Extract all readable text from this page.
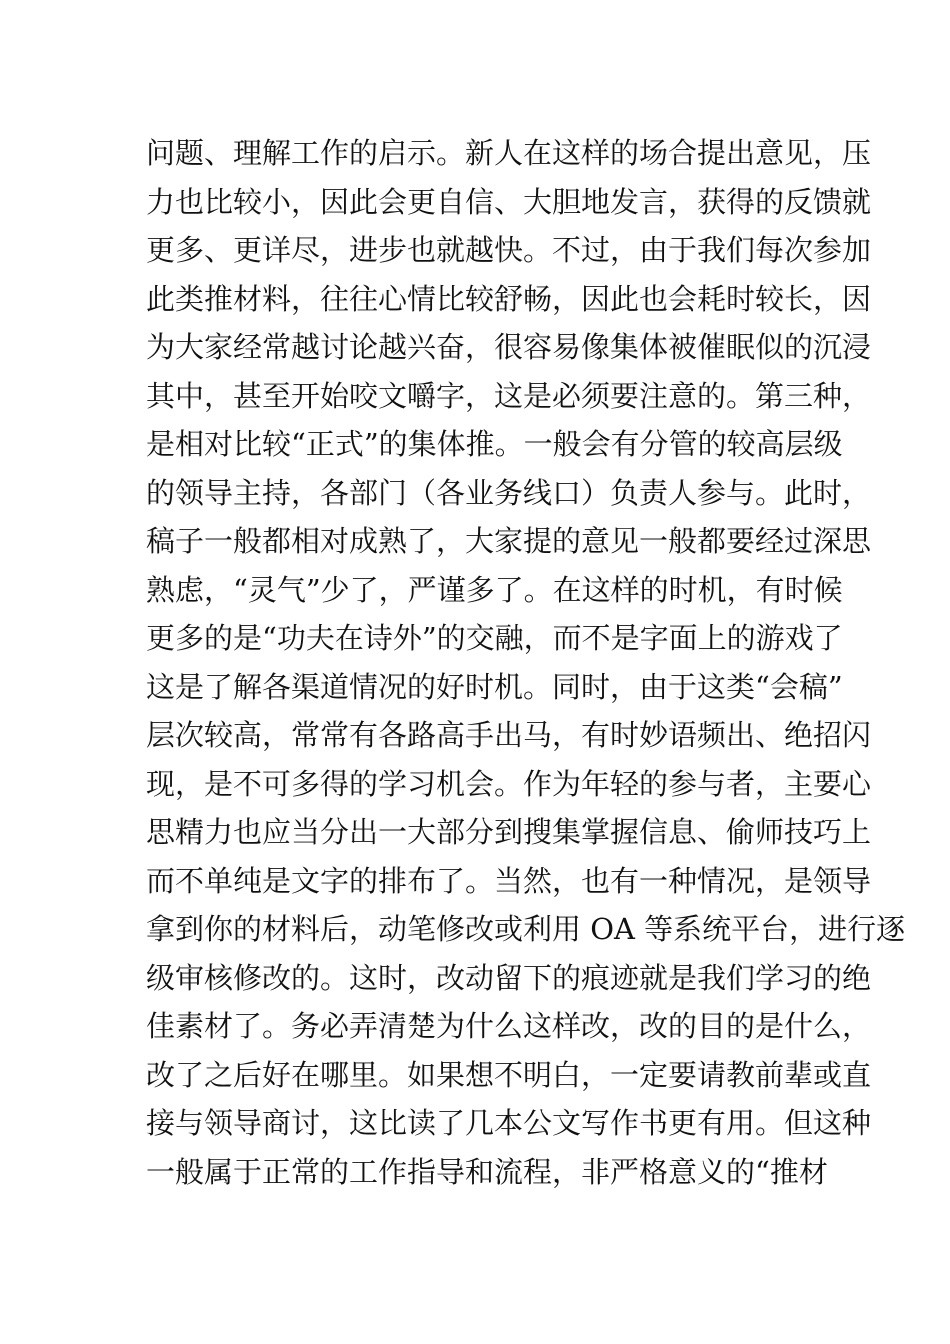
问题、理解工作的启示。新人在这样的场合提出意见，压
力也比较小，因此会更自信、大胆地发言，获得的反馈就
更多、更详尽，进步也就越快。不过，由于我们每次参加
此类推材料，往往心情比较舒畅，因此也会耗时较长，因
为大家经常越讨论越兴奋，很容易像集体被催眠似的沉浸
其中，甚至开始咬文嚼字，这是必须要注意的。第三种，
是相对比较“正式”的集体推。一般会有分管的较高层级
的领导主持，各部门（各业务线口）负责人参与。此时，
稿子一般都相对成熟了，大家提的意见一般都要经过深思
熟虑，“灵气”少了，严谨多了。在这样的时机，有时候
更多的是“功夫在诗外”的交融，而不是字面上的游戏了
这是了解各渠道情况的好时机。同时，由于这类“会稿”
层次较高，常常有各路高手出马，有时妙语频出、绝招闪
现，是不可多得的学习机会。作为年轻的参与者，主要心
思精力也应当分出一大部分到搜集掌握信息、偷师技巧上
而不单纯是文字的排布了。当然，也有一种情况，是领导
拿到你的材料后，动笔修改或利用 OA 等系统平台，进行逐
级审核修改的。这时，改动留下的痕迹就是我们学习的绝
佳素材了。务必弄清楚为什么这样改，改的目的是什么，
改了之后好在哪里。如果想不明白，一定要请教前辈或直
接与领导商讨，这比读了几本公文写作书更有用。但这种
一般属于正常的工作指导和流程，非严格意义的“推材
